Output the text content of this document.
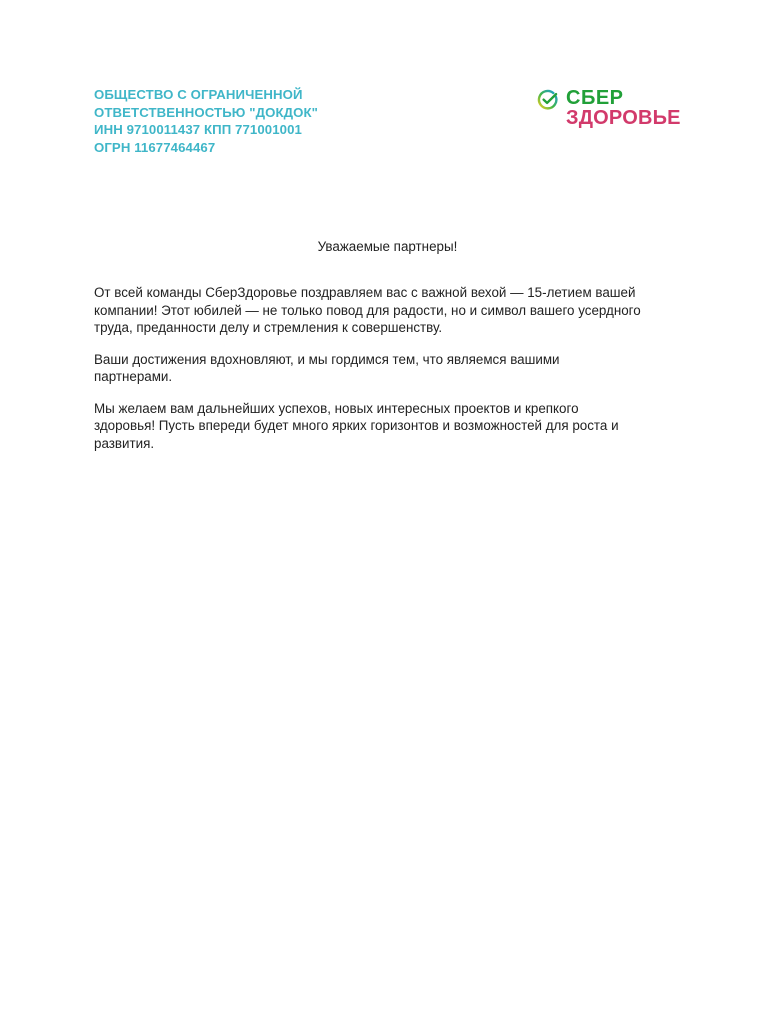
ОБЩЕСТВО С ОГРАНИЧЕННОЙ
ОТВЕТСТВЕННОСТЬЮ "ДОКДОК"
ИНН 9710011437 КПП 771001001
ОГРН 11677464467
СБЕР
ЗДОРОВЬЕ
Уважаемые партнеры!

От всей команды СберЗдоровье поздравляем вас с важной вехой — 15-летием вашей
компании! Этот юбилей — не только повод для радости, но и символ вашего усердного
труда, преданности делу и стремления к совершенству.

Ваши достижения вдохновляют, и мы гордимся тем, что являемся вашими
партнерами.

Мы желаем вам дальнейших успехов, новых интересных проектов и крепкого
здоровья! Пусть впереди будет много ярких горизонтов и возможностей для роста и
развития.
